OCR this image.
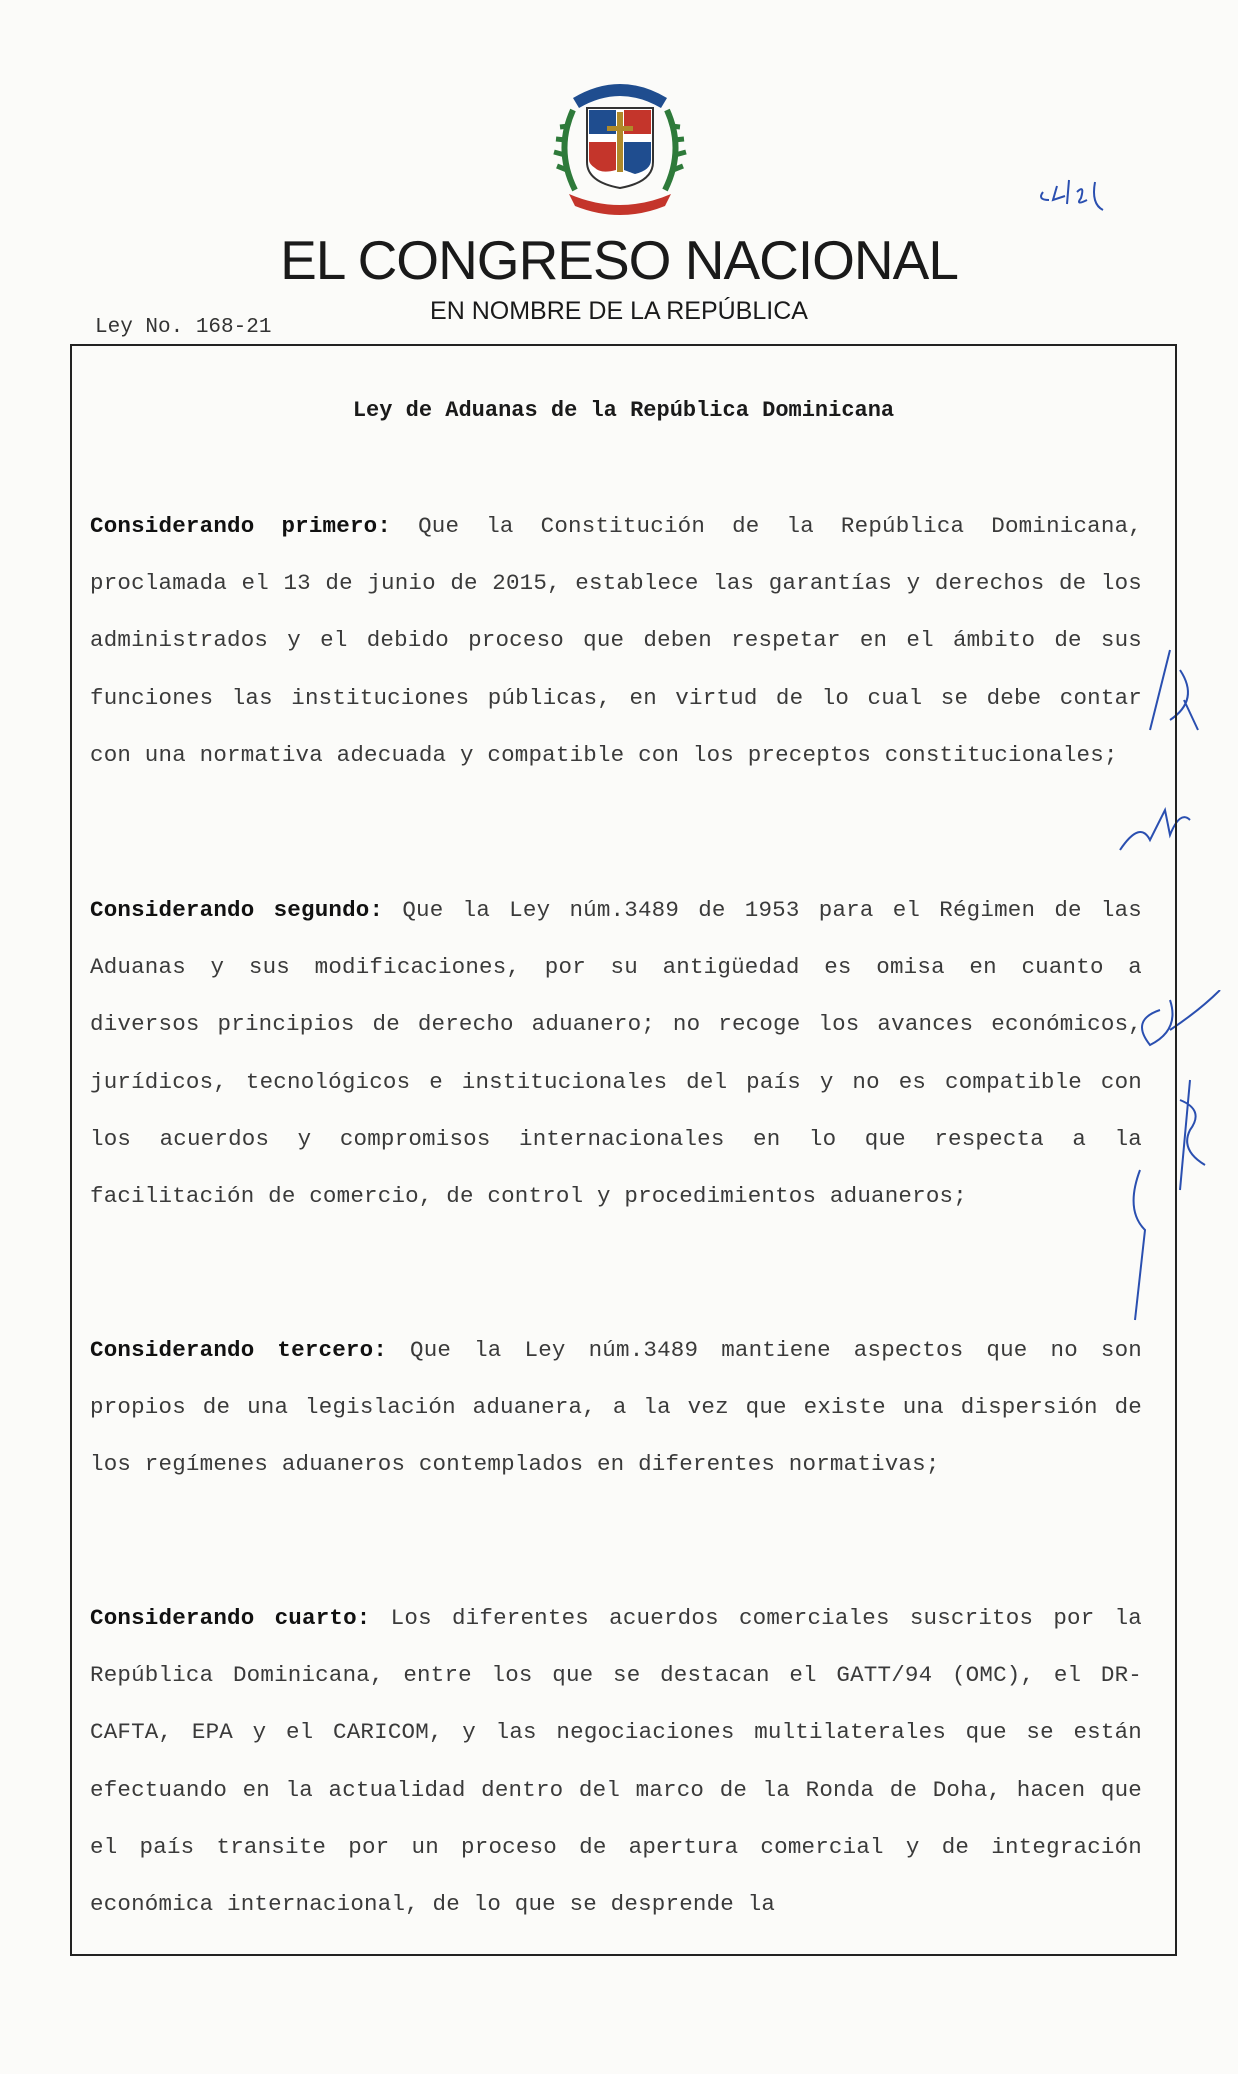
EL CONGRESO NACIONAL
EN NOMBRE DE LA REPÚBLICA
Ley No. 168-21
Ley de Aduanas de la República Dominicana
Considerando primero: Que la Constitución de la República Dominicana, proclamada el 13 de junio de 2015, establece las garantías y derechos de los administrados y el debido proceso que deben respetar en el ámbito de sus funciones las instituciones públicas, en virtud de lo cual se debe contar con una normativa adecuada y compatible con los preceptos constitucionales;
Considerando segundo: Que la Ley núm.3489 de 1953 para el Régimen de las Aduanas y sus modificaciones, por su antigüedad es omisa en cuanto a diversos principios de derecho aduanero; no recoge los avances económicos, jurídicos, tecnológicos e institucionales del país y no es compatible con los acuerdos y compromisos internacionales en lo que respecta a la facilitación de comercio, de control y procedimientos aduaneros;
Considerando tercero: Que la Ley núm.3489 mantiene aspectos que no son propios de una legislación aduanera, a la vez que existe una dispersión de los regímenes aduaneros contemplados en diferentes normativas;
Considerando cuarto: Los diferentes acuerdos comerciales suscritos por la República Dominicana, entre los que se destacan el GATT/94 (OMC), el DR-CAFTA, EPA y el CARICOM, y las negociaciones multilaterales que se están efectuando en la actualidad dentro del marco de la Ronda de Doha, hacen que el país transite por un proceso de apertura comercial y de integración económica internacional, de lo que se desprende la
